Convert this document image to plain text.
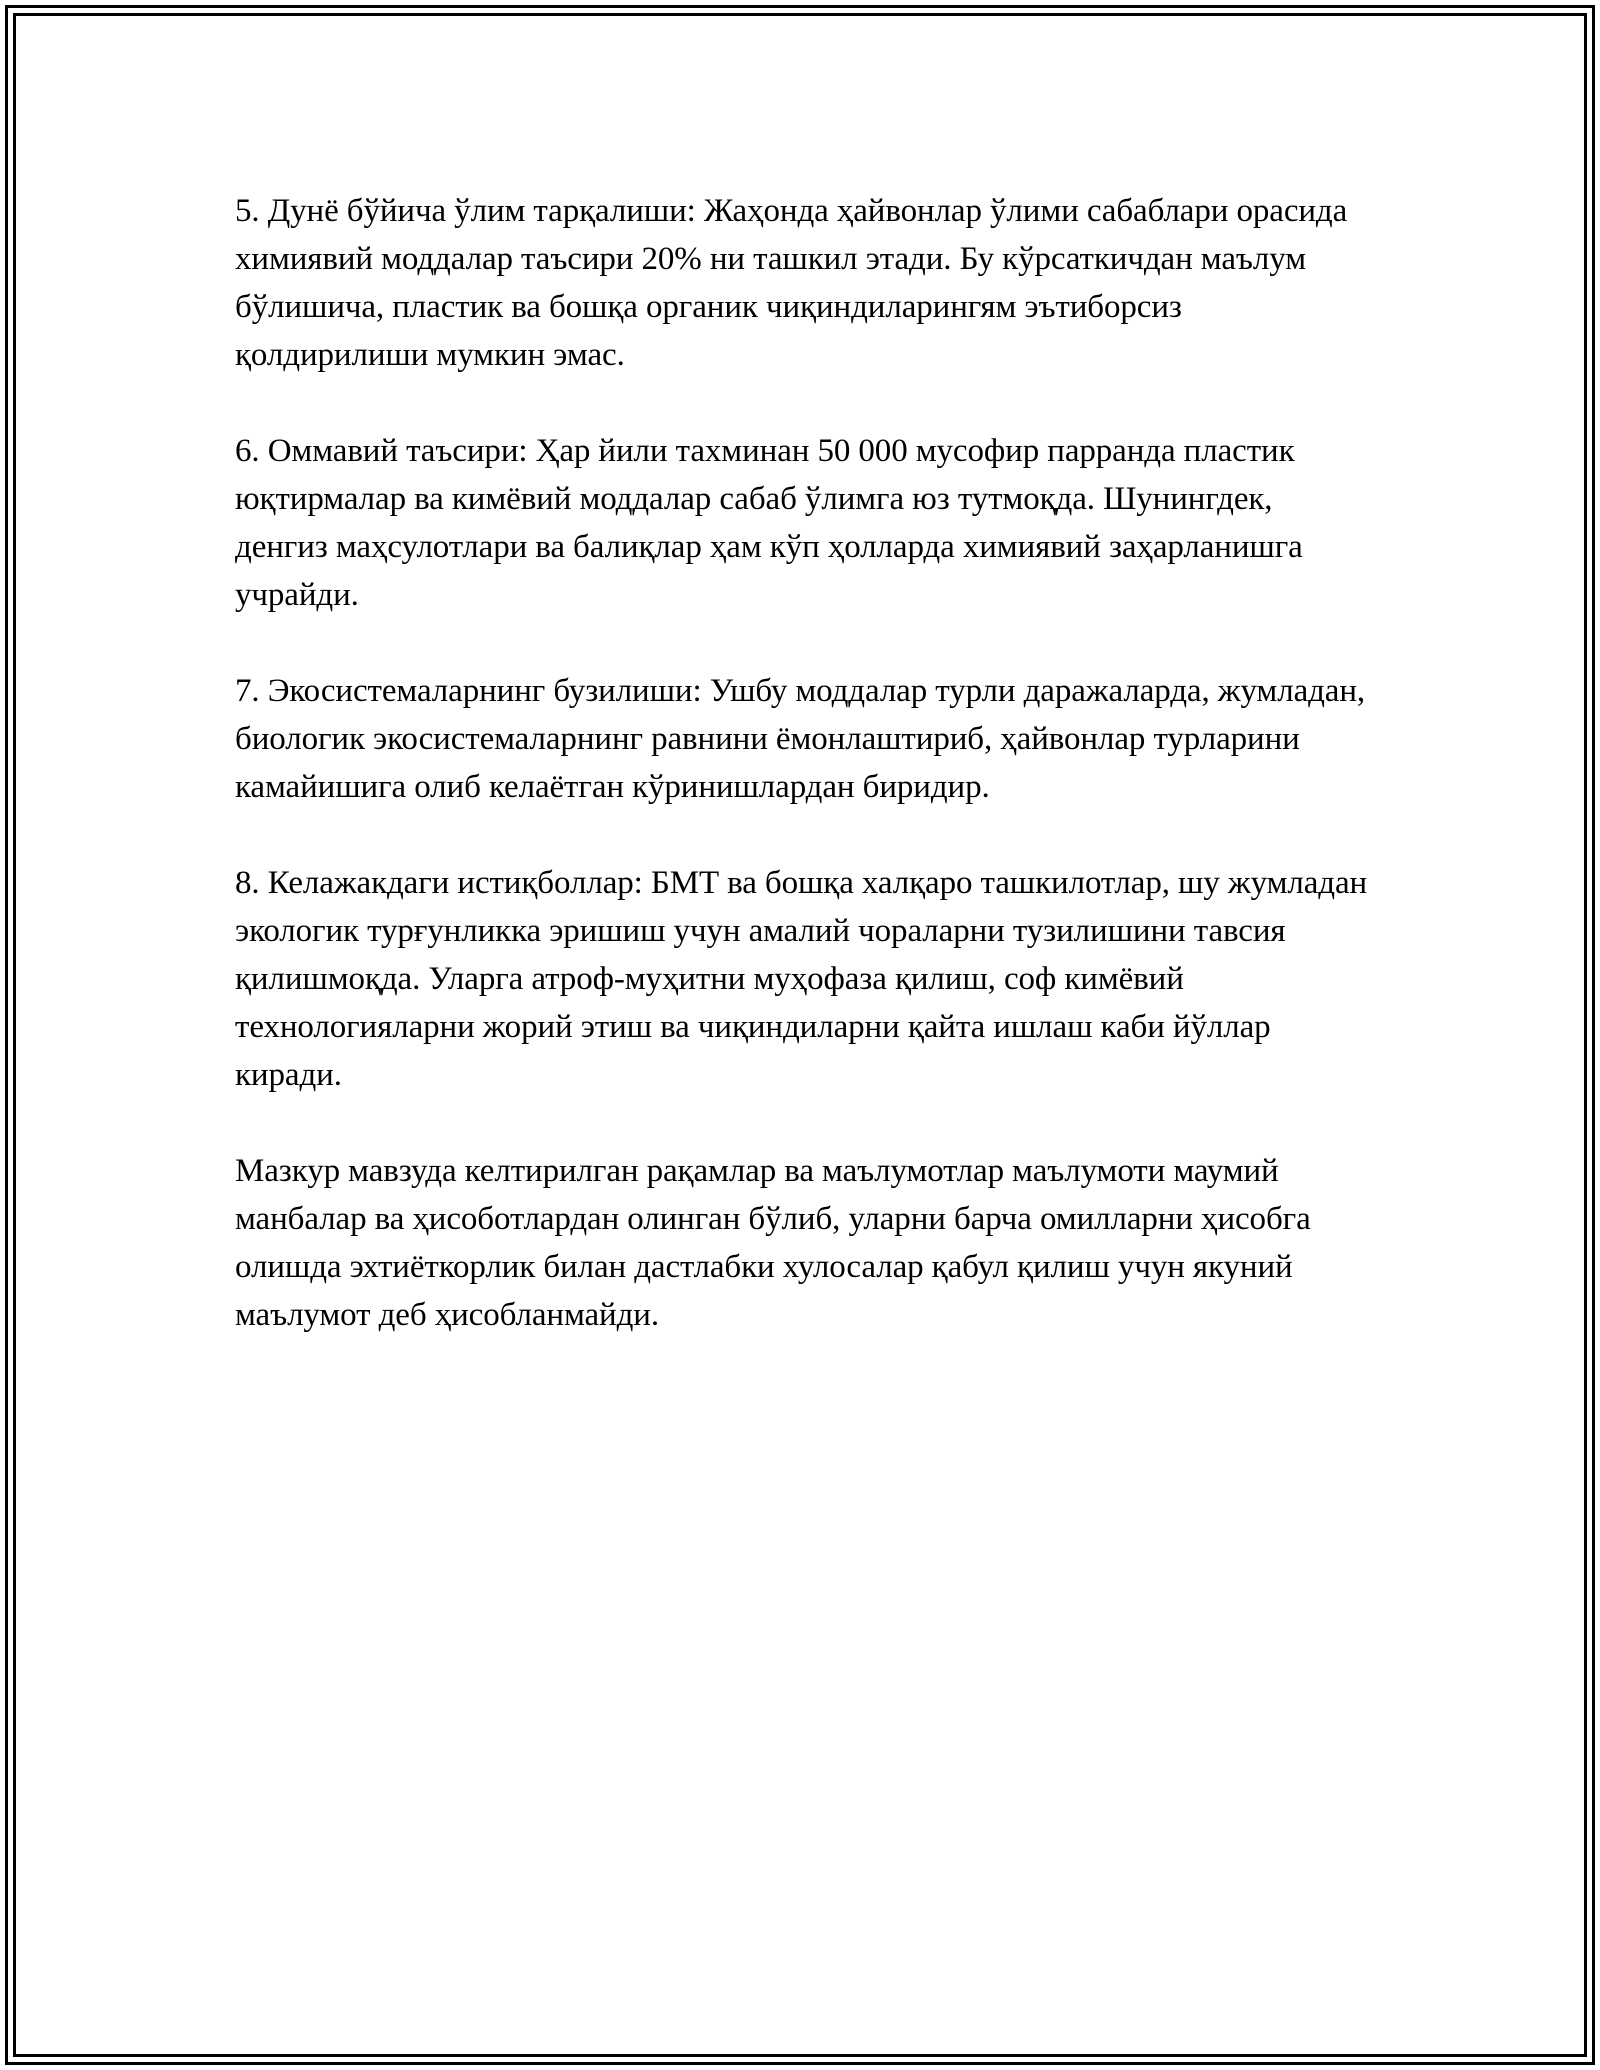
5. Дунё бўйича ўлим тарқалиши: Жаҳонда ҳайвонлар ўлими сабаблари орасида химиявий моддалар таъсири 20% ни ташкил этади. Бу кўрсаткичдан маълум бўлишича, пластик ва бошқа органик чиқиндиларингям эътиборсиз қолдирилиши мумкин эмас.

6. Оммавий таъсири: Ҳар йили тахминан 50 000 мусофир парранда пластик юқтирмалар ва кимёвий моддалар сабаб ўлимга юз тутмоқда. Шунингдек, денгиз маҳсулотлари ва балиқлар ҳам кўп ҳолларда химиявий заҳарланишга учрайди.

7. Экосистемаларнинг бузилиши: Ушбу моддалар турли даражаларда, жумладан, биологик экосистемаларнинг равнини ёмонлаштириб, ҳайвонлар турларини камайишига олиб келаётган кўринишлардан биридир.

8. Келажакдаги истиқболлар: БМТ ва бошқа халқаро ташкилотлар, шу жумладан экологик турғунликка эришиш учун амалий чораларни тузилишини тавсия қилишмоқда. Уларга атроф-муҳитни муҳофаза қилиш, соф кимёвий технологияларни жорий этиш ва чиқиндиларни қайта ишлаш каби йўллар киради.

Мазкур мавзуда келтирилган рақамлар ва маълумотлар маълумоти маумий манбалар ва ҳисоботлардан олинган бўлиб, уларни барча омилларни ҳисобга олишда эхтиёткорлик билан дастлабки хулосалар қабул қилиш учун якуний маълумот деб ҳисобланмайди.
